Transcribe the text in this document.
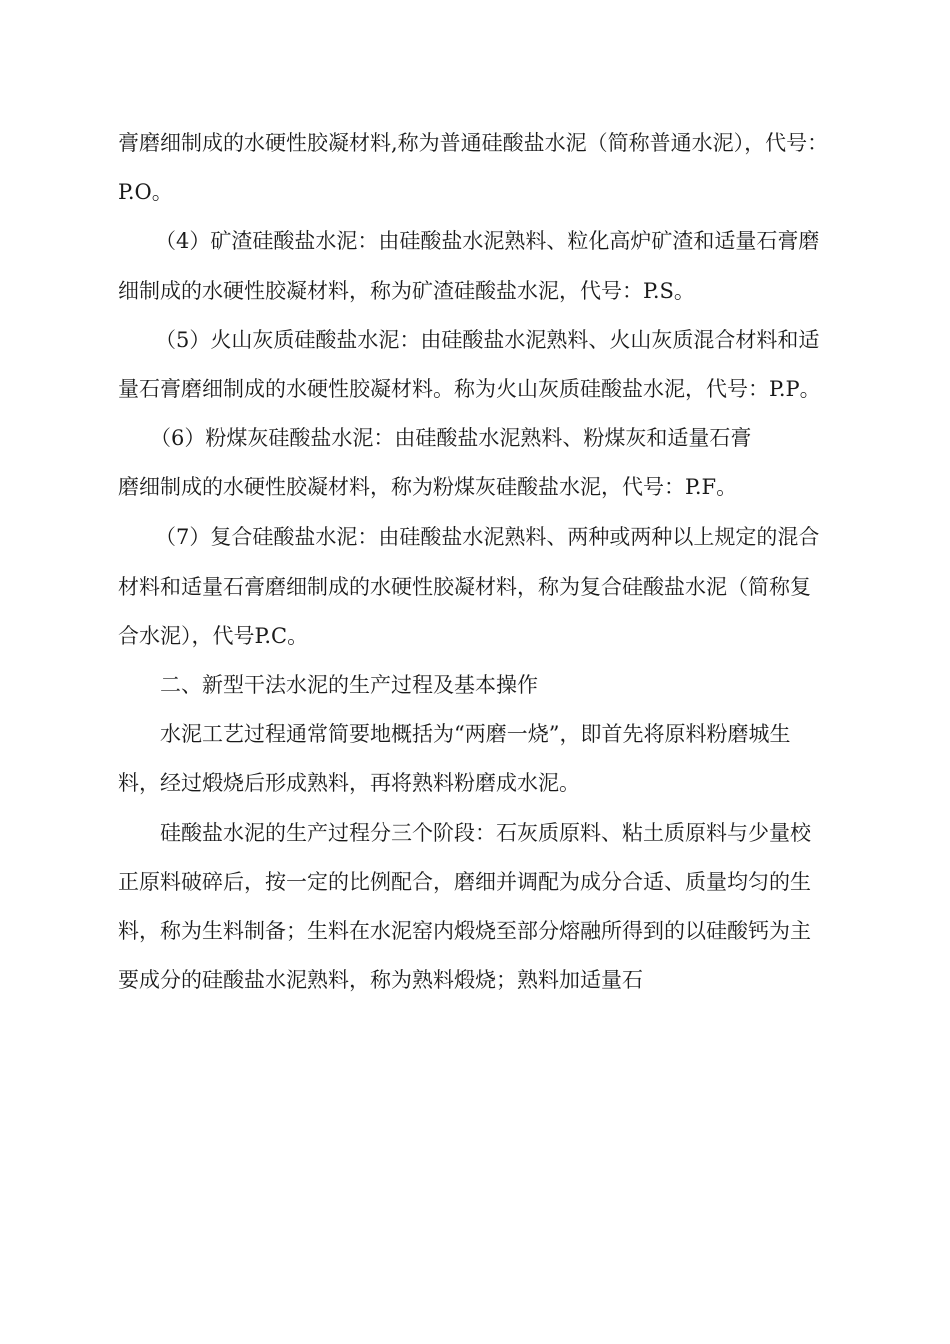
膏磨细制成的水硬性胶凝材料,称为普通硅酸盐水泥（简称普通水泥），代号：
P.O。
（4）矿渣硅酸盐水泥：由硅酸盐水泥熟料、粒化高炉矿渣和适量石膏磨
细制成的水硬性胶凝材料，称为矿渣硅酸盐水泥，代号：P.S。
（5）火山灰质硅酸盐水泥：由硅酸盐水泥熟料、火山灰质混合材料和适
量石膏磨细制成的水硬性胶凝材料。称为火山灰质硅酸盐水泥，代号：P.P。
（6）粉煤灰硅酸盐水泥：由硅酸盐水泥熟料、粉煤灰和适量石膏
磨细制成的水硬性胶凝材料，称为粉煤灰硅酸盐水泥，代号：P.F。
（7）复合硅酸盐水泥：由硅酸盐水泥熟料、两种或两种以上规定的混合
材料和适量石膏磨细制成的水硬性胶凝材料，称为复合硅酸盐水泥（简称复
合水泥），代号P.C。
二、新型干法水泥的生产过程及基本操作
水泥工艺过程通常简要地概括为“两磨一烧”，即首先将原料粉磨城生
料，经过煅烧后形成熟料，再将熟料粉磨成水泥。
硅酸盐水泥的生产过程分三个阶段：石灰质原料、粘土质原料与少量校
正原料破碎后，按一定的比例配合，磨细并调配为成分合适、质量均匀的生
料，称为生料制备；生料在水泥窑内煅烧至部分熔融所得到的以硅酸钙为主
要成分的硅酸盐水泥熟料，称为熟料煅烧；熟料加适量石
